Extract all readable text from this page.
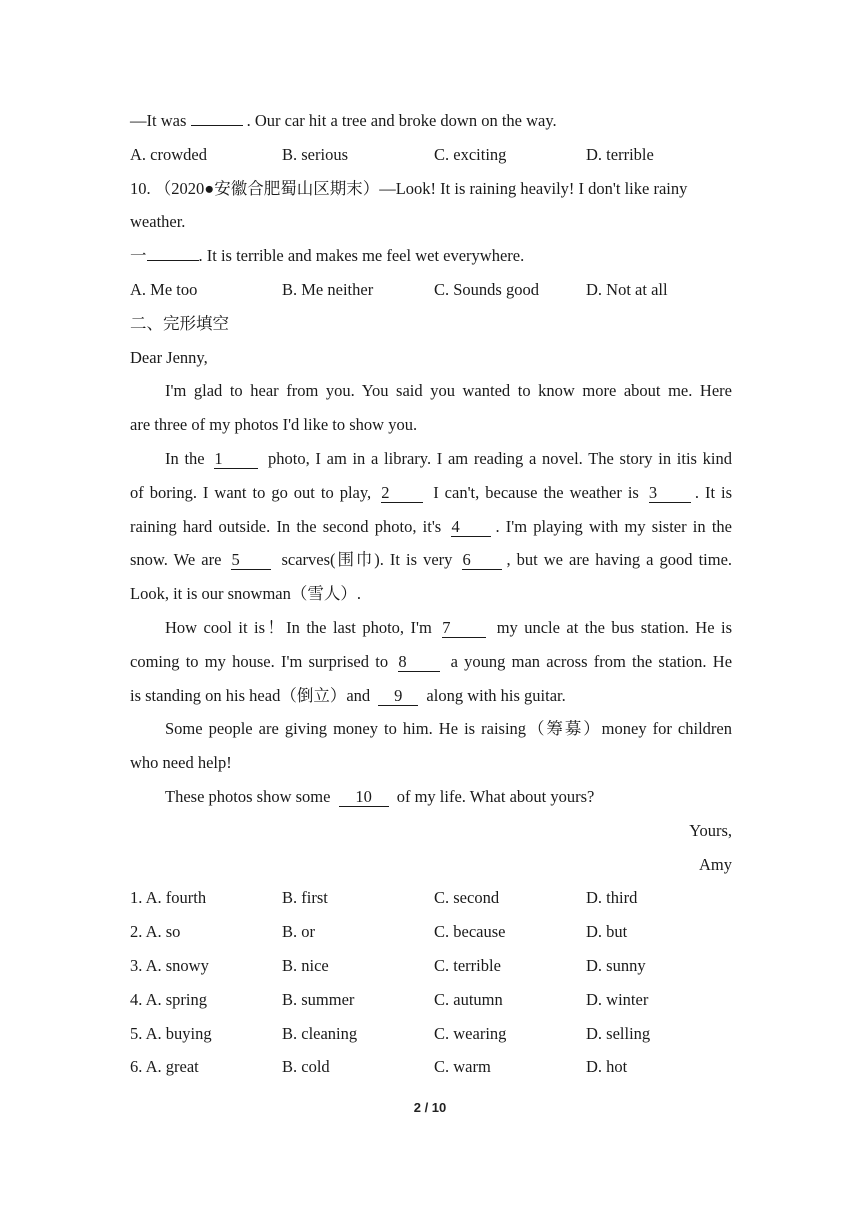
—It was	. Our car hit a tree and broke down on the way.
A. crowded	B. serious	C. exciting	D. terrible
10. （2020●安徽合肥蜀山区期末）—Look! It is raining heavily! I don't like rainy
weather.
一	. It is terrible and makes me feel wet everywhere.
A. Me too	B. Me neither	C. Sounds good	D. Not at all
二、完形填空
Dear Jenny,
I'm glad to hear from you. You said you wanted to know more about me. Here
are three of my photos I'd like to show you.
In the 1	photo, I am in a library. I am reading a novel. The story in itis kind
of boring. I want to go out to play, 2	I can't, because the weather is 3 . It is
raining hard outside. In the second photo, it's 4 . I'm playing with my sister in the
snow. We are 5	scarves(围巾). It is very 6 , but we are having a good time.
Look, it is our snowman（雪人）.
How cool it is！In the last photo, I'm 7	my uncle at the bus station. He is
coming to my house. I'm surprised to 8	a young man across from the station. He
is standing on his head（倒立）and 9 along with his guitar.
Some people are giving money to him. He is raising（筹募）money for children
who need help!
These photos show some 10 of my life. What about yours?
Yours,
Amy
1. A. fourth	B. first	C. second	D. third
2. A. so	B. or	C. because	D. but
3. A. snowy	B. nice	C. terrible	D. sunny
4. A. spring	B. summer	C. autumn	D. winter
5. A. buying	B. cleaning	C. wearing	D. selling
6. A. great	B. cold	C. warm	D. hot
2 / 10
